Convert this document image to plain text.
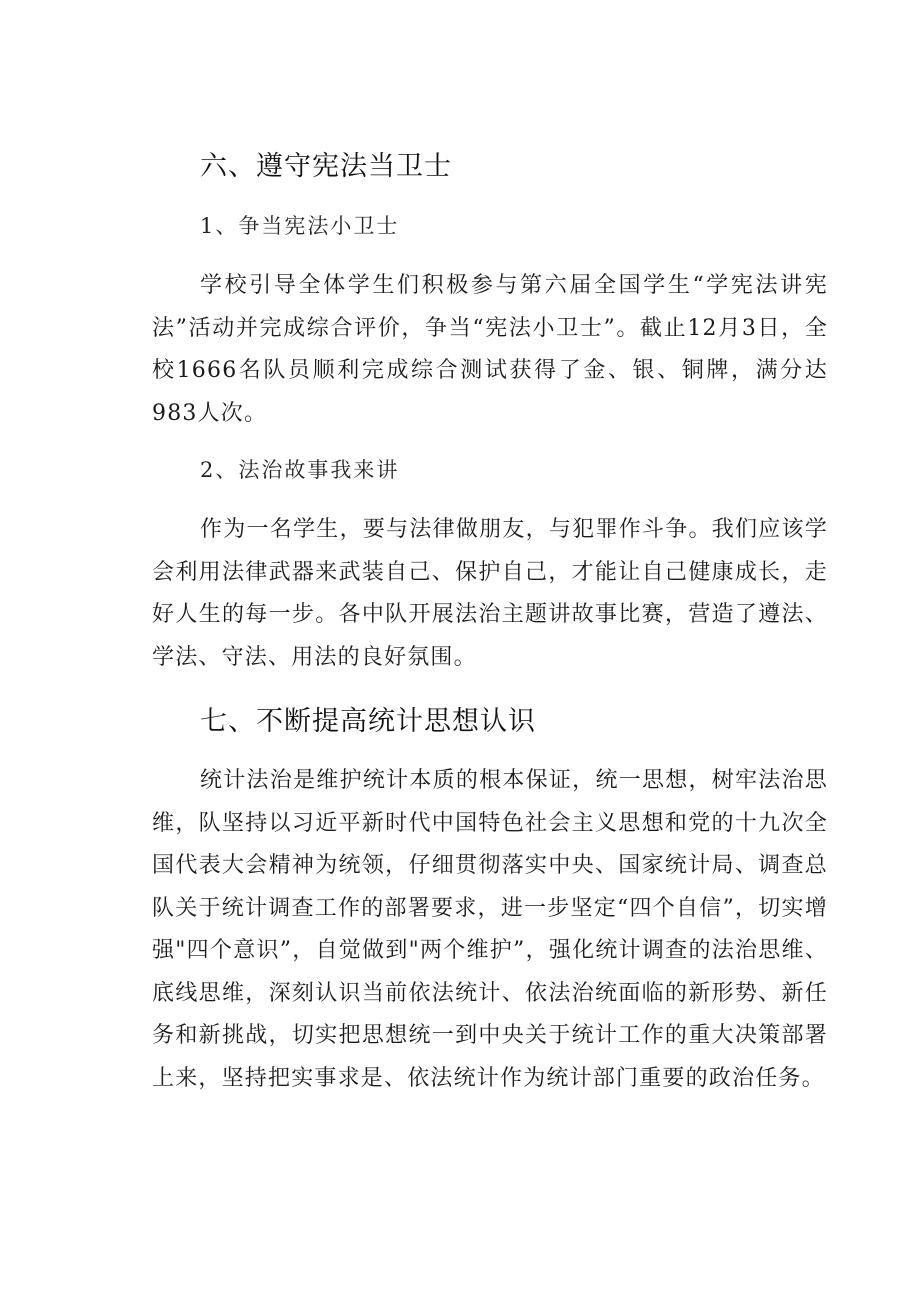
六、遵守宪法当卫士
1、争当宪法小卫士
学校引导全体学生们积极参与第六届全国学生“学宪法讲宪法”活动并完成综合评价，争当“宪法小卫士”。截止12月3日，全校1666名队员顺利完成综合测试获得了金、银、铜牌，满分达983人次。
2、法治故事我来讲
作为一名学生，要与法律做朋友，与犯罪作斗争。我们应该学会利用法律武器来武装自己、保护自己，才能让自己健康成长，走好人生的每一步。各中队开展法治主题讲故事比赛，营造了遵法、学法、守法、用法的良好氛围。
七、不断提高统计思想认识
统计法治是维护统计本质的根本保证，统一思想，树牢法治思维，队坚持以习近平新时代中国特色社会主义思想和党的十九次全国代表大会精神为统领，仔细贯彻落实中央、国家统计局、调查总队关于统计调查工作的部署要求，进一步坚定“四个自信”，切实增强"四个意识”，自觉做到"两个维护”，强化统计调查的法治思维、底线思维，深刻认识当前依法统计、依法治统面临的新形势、新任务和新挑战，切实把思想统一到中央关于统计工作的重大决策部署上来，坚持把实事求是、依法统计作为统计部门重要的政治任务。
